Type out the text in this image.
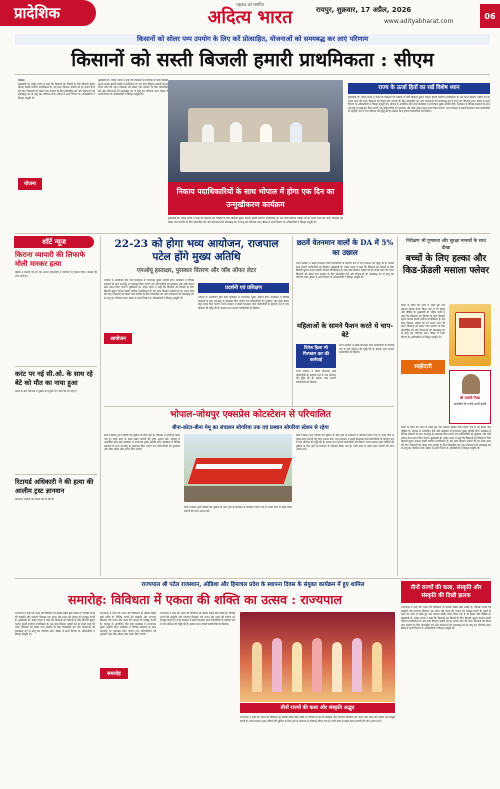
प्रादेशिक	राष्ट्रवाद को समर्पित
अदित्य भारत	रायपुर, शुक्रवार, 17 अप्रैल, 2026
www.adityabharat.com
06
किसानों को सोलर पम्प उपयोग के लिए करें प्रोत्साहित, योजनाओं को समयबद्ध कर लाएं परिणाम
किसानों को सस्ती बिजली हमारी प्राथमिकता : सीएम
भोपाल
मुख्यमंत्री डॉ. मोहन यादव ने कहा कि किसानों को सिंचाई के लिए बिजली सुलभ कराना हमारी सर्वोच्च प्राथमिकता है। इस काम किसान भाइयों को हर संभव मदद की जाए। किसानों को सोलर पम्प उपयोग के लिए प्रोत्साहित करें और योजनाओं को समयबद्ध ढंग से लागू कर परिणाम लाएं। बैठक में ऊर्जा विभाग के अधिकारियों ने विस्तृत प्रस्तुति दी।
योजना
मुख्यमंत्री डॉ. मोहन यादव ने कहा कि किसानों को सिंचाई के लिए बिजली सुलभ कराना हमारी सर्वोच्च प्राथमिकता है। इस काम किसान भाइयों को हर संभव मदद की जाए। किसानों को सोलर पम्प उपयोग के लिए प्रोत्साहित करें और योजनाओं को समयबद्ध ढंग से लागू कर परिणाम लाएं। बैठक में ऊर्जा विभाग के अधिकारियों ने विस्तृत प्रस्तुति दी।
निकाय पदाधिकारियों के साथ भोपाल में होगा एक दिन का उन्मुखीकरण कार्यक्रम
मुख्यमंत्री डॉ. मोहन यादव ने कहा कि किसानों को सिंचाई के लिए बिजली सुलभ कराना हमारी सर्वोच्च प्राथमिकता है। इस काम किसान भाइयों को हर संभव मदद की जाए। किसानों को सोलर पम्प उपयोग के लिए प्रोत्साहित करें और योजनाओं को समयबद्ध ढंग से लागू कर परिणाम लाएं। बैठक में ऊर्जा विभाग के अधिकारियों ने विस्तृत प्रस्तुति दी।
राज्य के ऊर्जा हितों का रखें विशेष ध्यान
मुख्यमंत्री डॉ. मोहन यादव ने कहा कि किसानों को सिंचाई के लिए बिजली सुलभ कराना हमारी सर्वोच्च प्राथमिकता है। इस काम किसान भाइयों को हर संभव मदद की जाए। किसानों को सोलर पम्प उपयोग के लिए प्रोत्साहित करें और योजनाओं को समयबद्ध ढंग से लागू कर परिणाम लाएं। बैठक में ऊर्जा विभाग के अधिकारियों ने विस्तृत प्रस्तुति दी। भोपाल में आयोजित होने वाले कार्यक्रम में राज्यपाल मुख्य अतिथि होंगे। कार्यक्रम में विभिन्न संस्थानों के साथ एमओयू पर हस्ताक्षर किए जाएंगे तथा प्रतिभागियों को पुरस्कार और जॉब ऑफर लेटर प्रदान किए जाएंगे। राज्य सरकार ने छठवें वेतनमान वाले कर्मचारियों के महंगाई भत्ते में पांच प्रतिशत की वृद्धि की है। इसका लाभ हजारों कर्मचारियों को मिलेगा।
शॉर्ट न्यूज
किराना व्यापारी की लिफाफे मोली मारकर हत्या
पुलिस ने बताया कि देर रात अज्ञात हमलावरों ने व्यापारी पर हमला किया। मामले की जांच जारी है।
करंट पर नई सी.ओ. के साथ रहे बेटे को मौत का नाया हुआ
घटना के बाद परिजनों ने पुलिस को सूचना दी। जांच की जा रही है।
रिटायर्ड अधिकारी ने की हत्या की आलीम ट्रस्ट ज्ञानवान
मामले में आरोपी की तलाश की जा रही है।
22-23 को होगा भव्य आयोजन, राजपाल पटेल होंगे मुख्य अतिथि
एमओयू हस्ताक्षर, पुरस्कार वितरण और जॉब ऑफर लेटर
भोपाल में आयोजित होने वाले कार्यक्रम में राज्यपाल मुख्य अतिथि होंगे। कार्यक्रम में विभिन्न संस्थानों के साथ एमओयू पर हस्ताक्षर किए जाएंगे तथा प्रतिभागियों को पुरस्कार और जॉब ऑफर लेटर प्रदान किए जाएंगे। मुख्यमंत्री डॉ. मोहन यादव ने कहा कि किसानों को सिंचाई के लिए बिजली सुलभ कराना हमारी सर्वोच्च प्राथमिकता है। इस काम किसान भाइयों को हर संभव मदद की जाए। किसानों को सोलर पम्प उपयोग के लिए प्रोत्साहित करें और योजनाओं को समयबद्ध ढंग से लागू कर परिणाम लाएं। बैठक में ऊर्जा विभाग के अधिकारियों ने विस्तृत प्रस्तुति दी।
आयोजन
प्रदर्शनी एवं प्रशिक्षण
भोपाल में आयोजित होने वाले कार्यक्रम में राज्यपाल मुख्य अतिथि होंगे। कार्यक्रम में विभिन्न संस्थानों के साथ एमओयू पर हस्ताक्षर किए जाएंगे तथा प्रतिभागियों को पुरस्कार और जॉब ऑफर लेटर प्रदान किए जाएंगे। राज्य सरकार ने छठवें वेतनमान वाले कर्मचारियों के महंगाई भत्ते में पांच प्रतिशत की वृद्धि की है। इसका लाभ हजारों कर्मचारियों को मिलेगा।
छठवें वेतनमान वालों के DA में 5% का उछाल
राज्य सरकार ने छठवें वेतनमान वाले कर्मचारियों के महंगाई भत्ते में पांच प्रतिशत की वृद्धि की है। इसका लाभ हजारों कर्मचारियों को मिलेगा। मुख्यमंत्री डॉ. मोहन यादव ने कहा कि किसानों को सिंचाई के लिए बिजली सुलभ कराना हमारी सर्वोच्च प्राथमिकता है। इस काम किसान भाइयों को हर संभव मदद की जाए। किसानों को सोलर पम्प उपयोग के लिए प्रोत्साहित करें और योजनाओं को समयबद्ध ढंग से लागू कर परिणाम लाएं। बैठक में ऊर्जा विभाग के अधिकारियों ने विस्तृत प्रस्तुति दी।
महिलाओं के सामने फैशन करते थे चाप-बेटे
दिनेश हिला भी गिरफ्तार कर की कार्रवाई
राज्य सरकार ने छठवें वेतनमान वाले कर्मचारियों के महंगाई भत्ते में पांच प्रतिशत की वृद्धि की है। इसका लाभ हजारों कर्मचारियों को मिलेगा।
राज्य सरकार ने छठवें वेतनमान वाले कर्मचारियों के महंगाई भत्ते में पांच प्रतिशत की वृद्धि की है। इसका लाभ हजारों कर्मचारियों को मिलेगा।
निरीक्षण भी गुणवत्ता और सुरक्षा मानकों के साथ दीखा
बच्चों के लिए हल्का और किड-फ्रेंडली मसाला फ्लेवर
बच्चों के स्वाद को ध्यान में रखते हुए नया मसाला फ्लेवर तैयार किया गया है जो हल्का और पौष्टिक है। मुख्यमंत्री डॉ. मोहन यादव ने कहा कि किसानों को सिंचाई के लिए बिजली सुलभ कराना हमारी सर्वोच्च प्राथमिकता है। इस काम किसान भाइयों को हर संभव मदद की जाए। किसानों को सोलर पम्प उपयोग के लिए प्रोत्साहित करें और योजनाओं को समयबद्ध ढंग से लागू कर परिणाम लाएं। बैठक में ऊर्जा विभाग के अधिकारियों ने विस्तृत प्रस्तुति दी।
साझेदारी
श्री पार्वती मिश्रा
कार्यक्षेत्र के जानी-मानी हस्ती
बच्चों के स्वाद को ध्यान में रखते हुए नया मसाला फ्लेवर तैयार किया गया है जो हल्का और पौष्टिक है। भोपाल में आयोजित होने वाले कार्यक्रम में राज्यपाल मुख्य अतिथि होंगे। कार्यक्रम में विभिन्न संस्थानों के साथ एमओयू पर हस्ताक्षर किए जाएंगे तथा प्रतिभागियों को पुरस्कार और जॉब ऑफर लेटर प्रदान किए जाएंगे। मुख्यमंत्री डॉ. मोहन यादव ने कहा कि किसानों को सिंचाई के लिए बिजली सुलभ कराना हमारी सर्वोच्च प्राथमिकता है। इस काम किसान भाइयों को हर संभव मदद की जाए। किसानों को सोलर पम्प उपयोग के लिए प्रोत्साहित करें और योजनाओं को समयबद्ध ढंग से लागू कर परिणाम लाएं। बैठक में ऊर्जा विभाग के अधिकारियों ने विस्तृत प्रस्तुति दी।
भोपाल-जोधपुर एक्सप्रेस कोटस्टेशन से परिचालित
बीना-कोटा-बीना मेमू का संचालन सोगरिया तक एवं प्रस्थान सोगरिया स्टेशन से रहेगा
रेलवे प्रशासन द्वारा यात्रियों की सुविधा के लिए ट्रेनों के संचालन में परिवर्तन किया गया है। यात्री यात्रा से पहले समय सारणी की जांच अवश्य करें। भोपाल में आयोजित होने वाले कार्यक्रम में राज्यपाल मुख्य अतिथि होंगे। कार्यक्रम में विभिन्न संस्थानों के साथ एमओयू पर हस्ताक्षर किए जाएंगे तथा प्रतिभागियों को पुरस्कार और जॉब ऑफर लेटर प्रदान किए जाएंगे।
रेलवे प्रशासन द्वारा यात्रियों की सुविधा के लिए ट्रेनों के संचालन में परिवर्तन किया गया है। यात्री यात्रा से पहले समय सारणी की जांच अवश्य करें।
रेलवे प्रशासन द्वारा यात्रियों की सुविधा के लिए ट्रेनों के संचालन में परिवर्तन किया गया है। यात्री यात्रा से पहले समय सारणी की जांच अवश्य करें। राज्य सरकार ने छठवें वेतनमान वाले कर्मचारियों के महंगाई भत्ते में पांच प्रतिशत की वृद्धि की है। इसका लाभ हजारों कर्मचारियों को मिलेगा। रेलवे प्रशासन द्वारा यात्रियों की सुविधा के लिए ट्रेनों के संचालन में परिवर्तन किया गया है। यात्री यात्रा से पहले समय सारणी की जांच अवश्य करें।
राज्यपाल श्री पटेल राजस्थान, ओडिशा और हिमाचल प्रदेश के स्थापना दिवस के संयुक्त कार्यक्रम में हुए शामिल
समारोह: विविधता में एकता की शक्ति का उत्सव : राज्यपाल
राज्यपाल ने कहा कि भारत की विविधता ही उसकी सबसे बड़ी शक्ति है। विभिन्न राज्यों की संस्कृति और परंपराएं मिलकर एक भारत श्रेष्ठ भारत की भावना को मजबूत करती हैं। मुख्यमंत्री डॉ. मोहन यादव ने कहा कि किसानों को सिंचाई के लिए बिजली सुलभ कराना हमारी सर्वोच्च प्राथमिकता है। इस काम किसान भाइयों को हर संभव मदद की जाए। किसानों को सोलर पम्प उपयोग के लिए प्रोत्साहित करें और योजनाओं को समयबद्ध ढंग से लागू कर परिणाम लाएं। बैठक में ऊर्जा विभाग के अधिकारियों ने विस्तृत प्रस्तुति दी।
राज्यपाल ने कहा कि भारत की विविधता ही उसकी सबसे बड़ी शक्ति है। विभिन्न राज्यों की संस्कृति और परंपराएं मिलकर एक भारत श्रेष्ठ भारत की भावना को मजबूत करती हैं। भोपाल में आयोजित होने वाले कार्यक्रम में राज्यपाल मुख्य अतिथि होंगे। कार्यक्रम में विभिन्न संस्थानों के साथ एमओयू पर हस्ताक्षर किए जाएंगे तथा प्रतिभागियों को पुरस्कार और जॉब ऑफर लेटर प्रदान किए जाएंगे।
समारोह
राज्यपाल ने कहा कि भारत की विविधता ही उसकी सबसे बड़ी शक्ति है। विभिन्न राज्यों की संस्कृति और परंपराएं मिलकर एक भारत श्रेष्ठ भारत की भावना को मजबूत करती हैं। राज्य सरकार ने छठवें वेतनमान वाले कर्मचारियों के महंगाई भत्ते में पांच प्रतिशत की वृद्धि की है। इसका लाभ हजारों कर्मचारियों को मिलेगा।
तीनों राज्यों की कला और संस्कृति अद्भुत
राज्यपाल ने कहा कि भारत की विविधता ही उसकी सबसे बड़ी शक्ति है। विभिन्न राज्यों की संस्कृति और परंपराएं मिलकर एक भारत श्रेष्ठ भारत की भावना को मजबूत करती हैं। रेलवे प्रशासन द्वारा यात्रियों की सुविधा के लिए ट्रेनों के संचालन में परिवर्तन किया गया है। यात्री यात्रा से पहले समय सारणी की जांच अवश्य करें।
तीनों राज्यों की कला, संस्कृति और संस्कृति की दिखी झलक
राज्यपाल ने कहा कि भारत की विविधता ही उसकी सबसे बड़ी शक्ति है। विभिन्न राज्यों की संस्कृति और परंपराएं मिलकर एक भारत श्रेष्ठ भारत की भावना को मजबूत करती हैं। बच्चों के स्वाद को ध्यान में रखते हुए नया मसाला फ्लेवर तैयार किया गया है जो हल्का और पौष्टिक है। मुख्यमंत्री डॉ. मोहन यादव ने कहा कि किसानों को सिंचाई के लिए बिजली सुलभ कराना हमारी सर्वोच्च प्राथमिकता है। इस काम किसान भाइयों को हर संभव मदद की जाए। किसानों को सोलर पम्प उपयोग के लिए प्रोत्साहित करें और योजनाओं को समयबद्ध ढंग से लागू कर परिणाम लाएं। बैठक में ऊर्जा विभाग के अधिकारियों ने विस्तृत प्रस्तुति दी।
